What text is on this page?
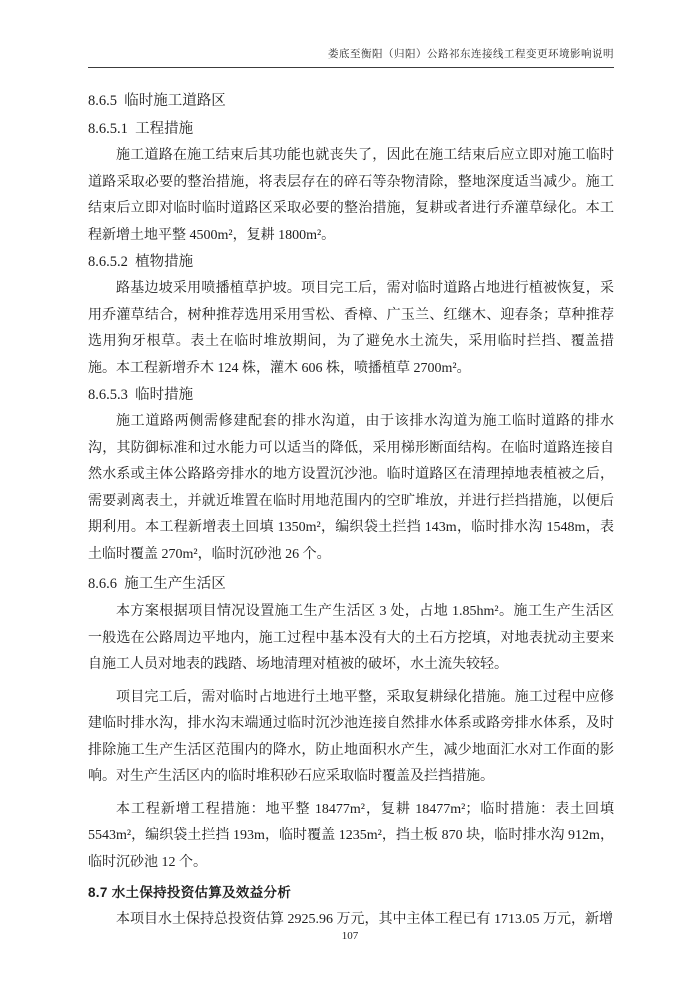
娄底至衡阳（归阳）公路祁东连接线工程变更环境影响说明
8.6.5  临时施工道路区
8.6.5.1  工程措施

施工道路在施工结束后其功能也就丧失了，因此在施工结束后应立即对施工临时道路采取必要的整治措施，将表层存在的碎石等杂物清除，整地深度适当减少。施工结束后立即对临时临时道路区采取必要的整治措施，复耕或者进行乔灌草绿化。本工程新增土地平整 4500m²，复耕 1800m²。

8.6.5.2  植物措施

路基边坡采用喷播植草护坡。项目完工后，需对临时道路占地进行植被恢复，采用乔灌草结合，树种推荐选用采用雪松、香樟、广玉兰、红继木、迎春条；草种推荐选用狗牙根草。表土在临时堆放期间，为了避免水土流失，采用临时拦挡、覆盖措施。本工程新增乔木 124 株，灌木 606 株，喷播植草 2700m²。

8.6.5.3  临时措施

施工道路两侧需修建配套的排水沟道，由于该排水沟道为施工临时道路的排水沟，其防御标准和过水能力可以适当的降低，采用梯形断面结构。在临时道路连接自然水系或主体公路路旁排水的地方设置沉沙池。临时道路区在清理掉地表植被之后，需要剥离表土，并就近堆置在临时用地范围内的空旷堆放，并进行拦挡措施，以便后期利用。本工程新增表土回填 1350m²，编织袋土拦挡 143m，临时排水沟 1548m，表土临时覆盖 270m²，临时沉砂池 26 个。

8.6.6  施工生产生活区

本方案根据项目情况设置施工生产生活区 3 处，占地 1.85hm²。施工生产生活区一般选在公路周边平地内，施工过程中基本没有大的土石方挖填，对地表扰动主要来自施工人员对地表的践踏、场地清理对植被的破坏，水土流失较轻。

项目完工后，需对临时占地进行土地平整，采取复耕绿化措施。施工过程中应修建临时排水沟，排水沟末端通过临时沉沙池连接自然排水体系或路旁排水体系，及时排除施工生产生活区范围内的降水，防止地面积水产生，减少地面汇水对工作面的影响。对生产生活区内的临时堆积砂石应采取临时覆盖及拦挡措施。

本工程新增工程措施：地平整 18477m²，复耕 18477m²；临时措施：表土回填 5543m²，编织袋土拦挡 193m，临时覆盖 1235m²，挡土板 870 块，临时排水沟 912m，临时沉砂池 12 个。

8.7 水土保持投资估算及效益分析

本项目水土保持总投资估算 2925.96 万元，其中主体工程已有 1713.05 万元，新增

107
